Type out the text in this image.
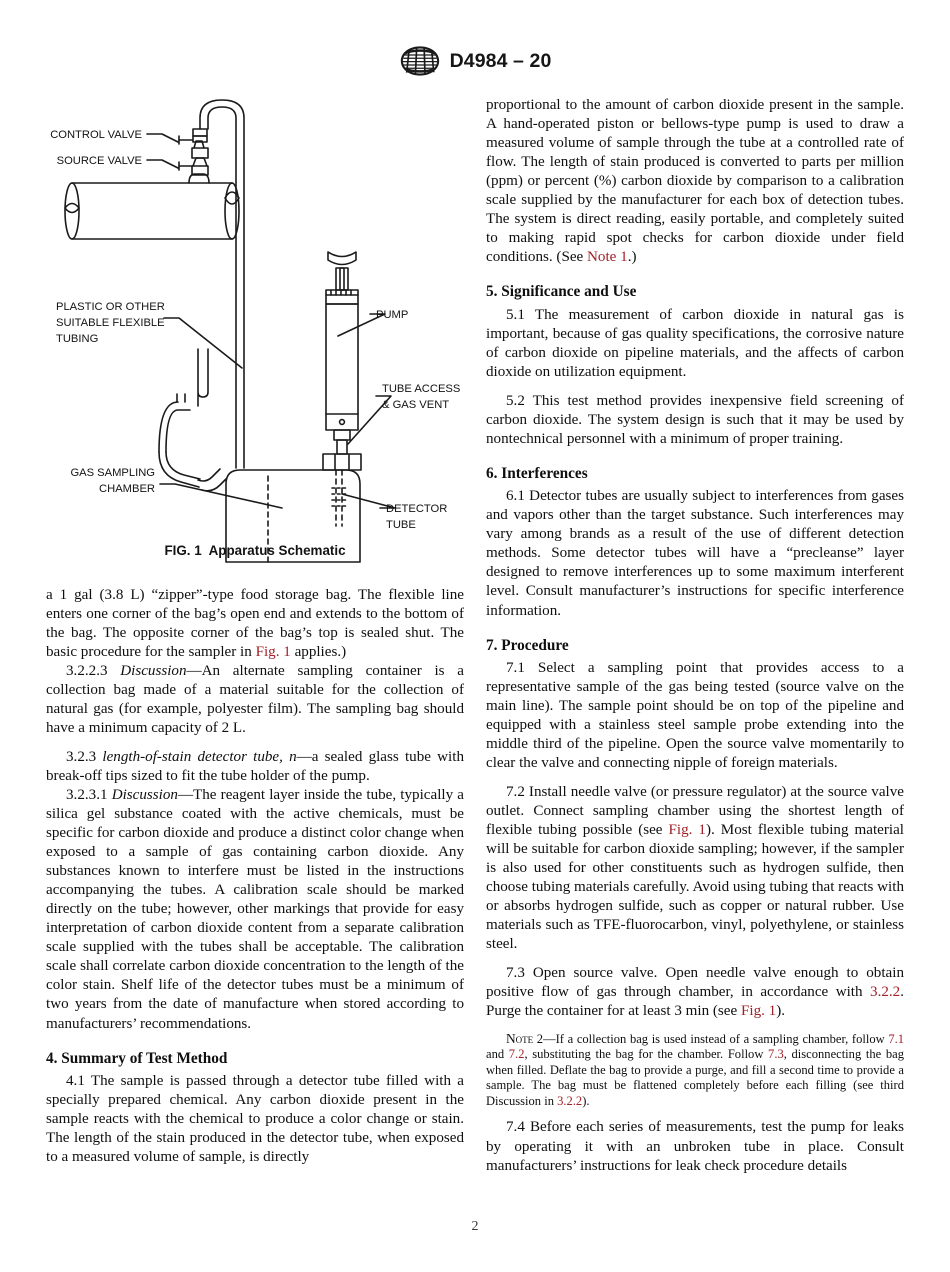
D4984 – 20
CONTROL VALVE
SOURCE VALVE
PLASTIC OR OTHER
SUITABLE FLEXIBLE
TUBING
GAS SAMPLING
CHAMBER
PUMP
TUBE ACCESS
& GAS VENT
DETECTOR
TUBE
FIG. 1  Apparatus Schematic

a 1 gal (3.8 L) “zipper”-type food storage bag. The flexible line enters one corner of the bag’s open end and extends to the bottom of the bag. The opposite corner of the bag’s top is sealed shut. The basic procedure for the sampler in Fig. 1 applies.)

3.2.2.3 Discussion—An alternate sampling container is a collection bag made of a material suitable for the collection of natural gas (for example, polyester film). The sampling bag should have a minimum capacity of 2 L.

3.2.3 length-of-stain detector tube, n—a sealed glass tube with break-off tips sized to fit the tube holder of the pump.

3.2.3.1 Discussion—The reagent layer inside the tube, typically a silica gel substance coated with the active chemicals, must be specific for carbon dioxide and produce a distinct color change when exposed to a sample of gas containing carbon dioxide. Any substances known to interfere must be listed in the instructions accompanying the tubes. A calibration scale should be marked directly on the tube; however, other markings that provide for easy interpretation of carbon dioxide content from a separate calibration scale supplied with the tubes shall be acceptable. The calibration scale shall correlate carbon dioxide concentration to the length of the color stain. Shelf life of the detector tubes must be a minimum of two years from the date of manufacture when stored according to manufacturers’ recommendations.

4. Summary of Test Method

4.1 The sample is passed through a detector tube filled with a specially prepared chemical. Any carbon dioxide present in the sample reacts with the chemical to produce a color change or stain. The length of the stain produced in the detector tube, when exposed to a measured volume of sample, is directly

proportional to the amount of carbon dioxide present in the sample. A hand-operated piston or bellows-type pump is used to draw a measured volume of sample through the tube at a controlled rate of flow. The length of stain produced is converted to parts per million (ppm) or percent (%) carbon dioxide by comparison to a calibration scale supplied by the manufacturer for each box of detection tubes. The system is direct reading, easily portable, and completely suited to making rapid spot checks for carbon dioxide under field conditions. (See Note 1.)

5. Significance and Use

5.1 The measurement of carbon dioxide in natural gas is important, because of gas quality specifications, the corrosive nature of carbon dioxide on pipeline materials, and the affects of carbon dioxide on utilization equipment.

5.2 This test method provides inexpensive field screening of carbon dioxide. The system design is such that it may be used by nontechnical personnel with a minimum of proper training.

6. Interferences

6.1 Detector tubes are usually subject to interferences from gases and vapors other than the target substance. Such interferences may vary among brands as a result of the use of different detection methods. Some detector tubes will have a “precleanse” layer designed to remove interferences up to some maximum interferent level. Consult manufacturer’s instructions for specific interference information.

7. Procedure

7.1 Select a sampling point that provides access to a representative sample of the gas being tested (source valve on the main line). The sample point should be on top of the pipeline and equipped with a stainless steel sample probe extending into the middle third of the pipeline. Open the source valve momentarily to clear the valve and connecting nipple of foreign materials.

7.2 Install needle valve (or pressure regulator) at the source valve outlet. Connect sampling chamber using the shortest length of flexible tubing possible (see Fig. 1). Most flexible tubing material will be suitable for carbon dioxide sampling; however, if the sampler is also used for other constituents such as hydrogen sulfide, then choose tubing materials carefully. Avoid using tubing that reacts with or absorbs hydrogen sulfide, such as copper or natural rubber. Use materials such as TFE-fluorocarbon, vinyl, polyethylene, or stainless steel.

7.3 Open source valve. Open needle valve enough to obtain positive flow of gas through chamber, in accordance with 3.2.2. Purge the container for at least 3 min (see Fig. 1).

Note 2—If a collection bag is used instead of a sampling chamber, follow 7.1 and 7.2, substituting the bag for the chamber. Follow 7.3, disconnecting the bag when filled. Deflate the bag to provide a purge, and fill a second time to provide a sample. The bag must be flattened completely before each filling (see third Discussion in 3.2.2).

7.4 Before each series of measurements, test the pump for leaks by operating it with an unbroken tube in place. Consult manufacturers’ instructions for leak check procedure details

2
